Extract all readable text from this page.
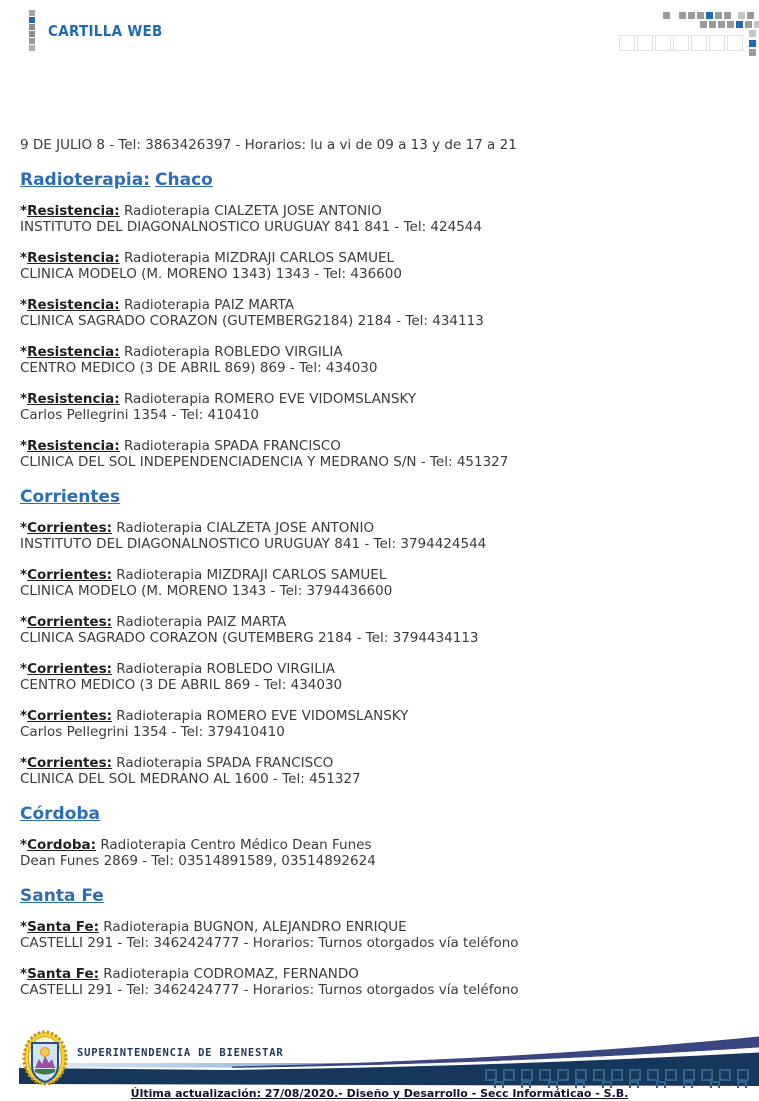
CARTILLA WEB

9 DE JULIO 8 - Tel: 3863426397 - Horarios: lu a vi de 09 a 13 y de 17 a 21

Radioterapia: Chaco

*Resistencia: Radioterapia CIALZETA JOSE ANTONIO
INSTITUTO DEL DIAGONALNOSTICO URUGUAY 841 841 - Tel: 424544

*Resistencia: Radioterapia MIZDRAJI CARLOS SAMUEL
CLINICA MODELO (M. MORENO 1343) 1343 - Tel: 436600

*Resistencia: Radioterapia PAIZ MARTA
CLINICA SAGRADO CORAZON (GUTEMBERG2184) 2184 - Tel: 434113

*Resistencia: Radioterapia ROBLEDO VIRGILIA
CENTRO MEDICO (3 DE ABRIL 869) 869 - Tel: 434030

*Resistencia: Radioterapia ROMERO EVE VIDOMSLANSKY
Carlos Pellegrini 1354 - Tel: 410410

*Resistencia: Radioterapia SPADA FRANCISCO
CLINICA DEL SOL INDEPENDENCIADENCIA Y MEDRANO S/N - Tel: 451327

Corrientes

*Corrientes: Radioterapia CIALZETA JOSE ANTONIO
INSTITUTO DEL DIAGONALNOSTICO URUGUAY 841 - Tel: 3794424544

*Corrientes: Radioterapia MIZDRAJI CARLOS SAMUEL
CLINICA MODELO (M. MORENO 1343 - Tel: 3794436600

*Corrientes: Radioterapia PAIZ MARTA
CLINICA SAGRADO CORAZON (GUTEMBERG 2184 - Tel: 3794434113

*Corrientes: Radioterapia ROBLEDO VIRGILIA
CENTRO MEDICO (3 DE ABRIL 869 - Tel: 434030

*Corrientes: Radioterapia ROMERO EVE VIDOMSLANSKY
Carlos Pellegrini 1354 - Tel: 379410410

*Corrientes: Radioterapia SPADA FRANCISCO
CLINICA DEL SOL MEDRANO AL 1600 - Tel: 451327

Córdoba

*Cordoba: Radioterapia Centro Médico Dean Funes
Dean Funes 2869 - Tel: 03514891589, 03514892624

Santa Fe

*Santa Fe: Radioterapia BUGNON, ALEJANDRO ENRIQUE
CASTELLI 291 - Tel: 3462424777 - Horarios: Turnos otorgados vía teléfono

*Santa Fe: Radioterapia CODROMAZ, FERNANDO
CASTELLI 291 - Tel: 3462424777 - Horarios: Turnos otorgados vía teléfono

SUPERINTENDENCIA DE BIENESTAR
Última actualización: 27/08/2020.- Diseño y Desarrollo - Secc Informáticao - S.B.
